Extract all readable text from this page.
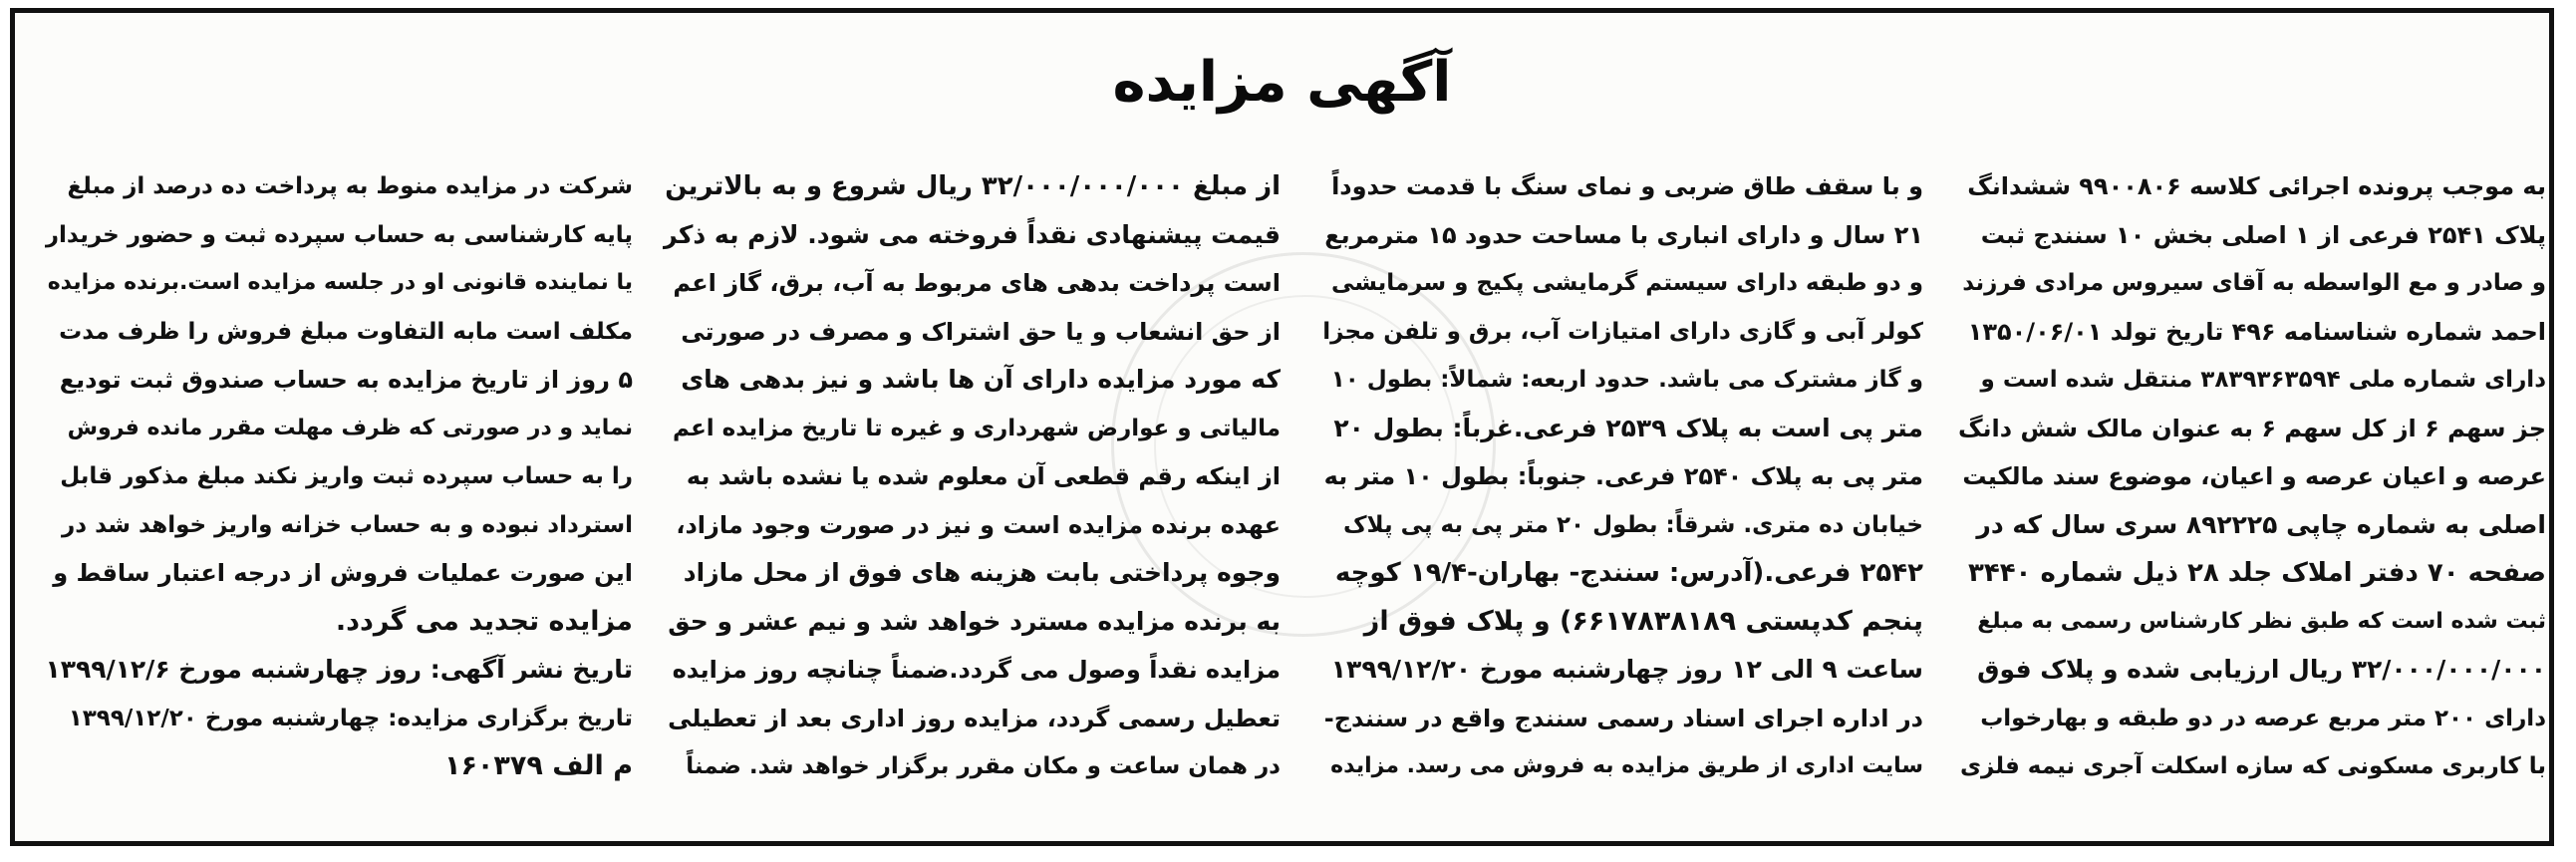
آگهی مزایده
به موجب پرونده اجرائی کلاسه ۹۹۰۰۸۰۶ ششدانگ
پلاک ۲۵۴۱ فرعی از ۱ اصلی بخش ۱۰ سنندج ثبت
و صادر و مع الواسطه به آقای سیروس مرادی فرزند
احمد شماره شناسنامه ۴۹۶ تاریخ تولد ۱۳۵۰/۰۶/۰۱
دارای شماره ملی ۳۸۳۹۳۶۳۵۹۴ منتقل شده است و
جز سهم ۶ از کل سهم ۶ به عنوان مالک شش دانگ
عرصه و اعیان عرصه و اعیان، موضوع سند مالکیت
اصلی به شماره چاپی ۸۹۲۲۲۵ سری سال که در
صفحه ۷۰ دفتر املاک جلد ۲۸ ذیل شماره ۳۴۴۰
ثبت شده است که طبق نظر کارشناس رسمی به مبلغ
۳۲/۰۰۰/۰۰۰/۰۰۰ ریال ارزیابی شده و پلاک فوق
دارای ۲۰۰ متر مربع عرصه در دو طبقه و بهارخواب
با کاربری مسکونی که سازه اسکلت آجری نیمه فلزی
و با سقف طاق ضربی و نمای سنگ با قدمت حدوداً
۲۱ سال و دارای انباری با مساحت حدود ۱۵ مترمربع
و دو طبقه دارای سیستم گرمایشی پکیج و سرمایشی
کولر آبی و گازی دارای امتیازات آب، برق و تلفن مجزا
و گاز مشترک می باشد. حدود اربعه: شمالاً: بطول ۱۰
متر پی است به پلاک ۲۵۳۹ فرعی.غرباً: بطول ۲۰
متر پی به پلاک ۲۵۴۰ فرعی. جنوباً: بطول ۱۰ متر به
خیابان ده متری. شرقاً: بطول ۲۰ متر پی به پی پلاک
۲۵۴۲ فرعی.(آدرس: سنندج- بهاران-۱۹/۴ کوچه
پنجم کدپستی ۶۶۱۷۸۳۸۱۸۹) و پلاک فوق از
ساعت ۹ الی ۱۲ روز چهارشنبه مورخ ۱۳۹۹/۱۲/۲۰
در اداره اجرای اسناد رسمی سنندج واقع در سنندج-
سایت اداری از طریق مزایده به فروش می رسد. مزایده
از مبلغ ۳۲/۰۰۰/۰۰۰/۰۰۰ ریال شروع و به بالاترین
قیمت پیشنهادی نقداً فروخته می شود. لازم به ذکر
است پرداخت بدهی های مربوط به آب، برق، گاز اعم
از حق انشعاب و یا حق اشتراک و مصرف در صورتی
که مورد مزایده دارای آن ها باشد و نیز بدهی های
مالیاتی و عوارض شهرداری و غیره تا تاریخ مزایده اعم
از اینکه رقم قطعی آن معلوم شده یا نشده باشد به
عهده برنده مزایده است و نیز در صورت وجود مازاد،
وجوه پرداختی بابت هزینه های فوق از محل مازاد
به برنده مزایده مسترد خواهد شد و نیم عشر و حق
مزایده نقداً وصول می گردد.ضمناً چنانچه روز مزایده
تعطیل رسمی گردد، مزایده روز اداری بعد از تعطیلی
در همان ساعت و مکان مقرر برگزار خواهد شد. ضمناً
شرکت در مزایده منوط به پرداخت ده درصد از مبلغ
پایه کارشناسی به حساب سپرده ثبت و حضور خریدار
یا نماینده قانونی او در جلسه مزایده است.برنده مزایده
مکلف است مابه التفاوت مبلغ فروش را ظرف مدت
۵ روز از تاریخ مزایده به حساب صندوق ثبت تودیع
نماید و در صورتی که ظرف مهلت مقرر مانده فروش
را به حساب سپرده ثبت واریز نکند مبلغ مذکور قابل
استرداد نبوده و به حساب خزانه واریز خواهد شد در
این صورت عملیات فروش از درجه اعتبار ساقط و
مزایده تجدید می گردد.
تاریخ نشر آگهی: روز چهارشنبه مورخ ۱۳۹۹/۱۲/۶
تاریخ برگزاری مزایده: چهارشنبه مورخ ۱۳۹۹/۱۲/۲۰
م الف ۱۶۰۳۷۹
